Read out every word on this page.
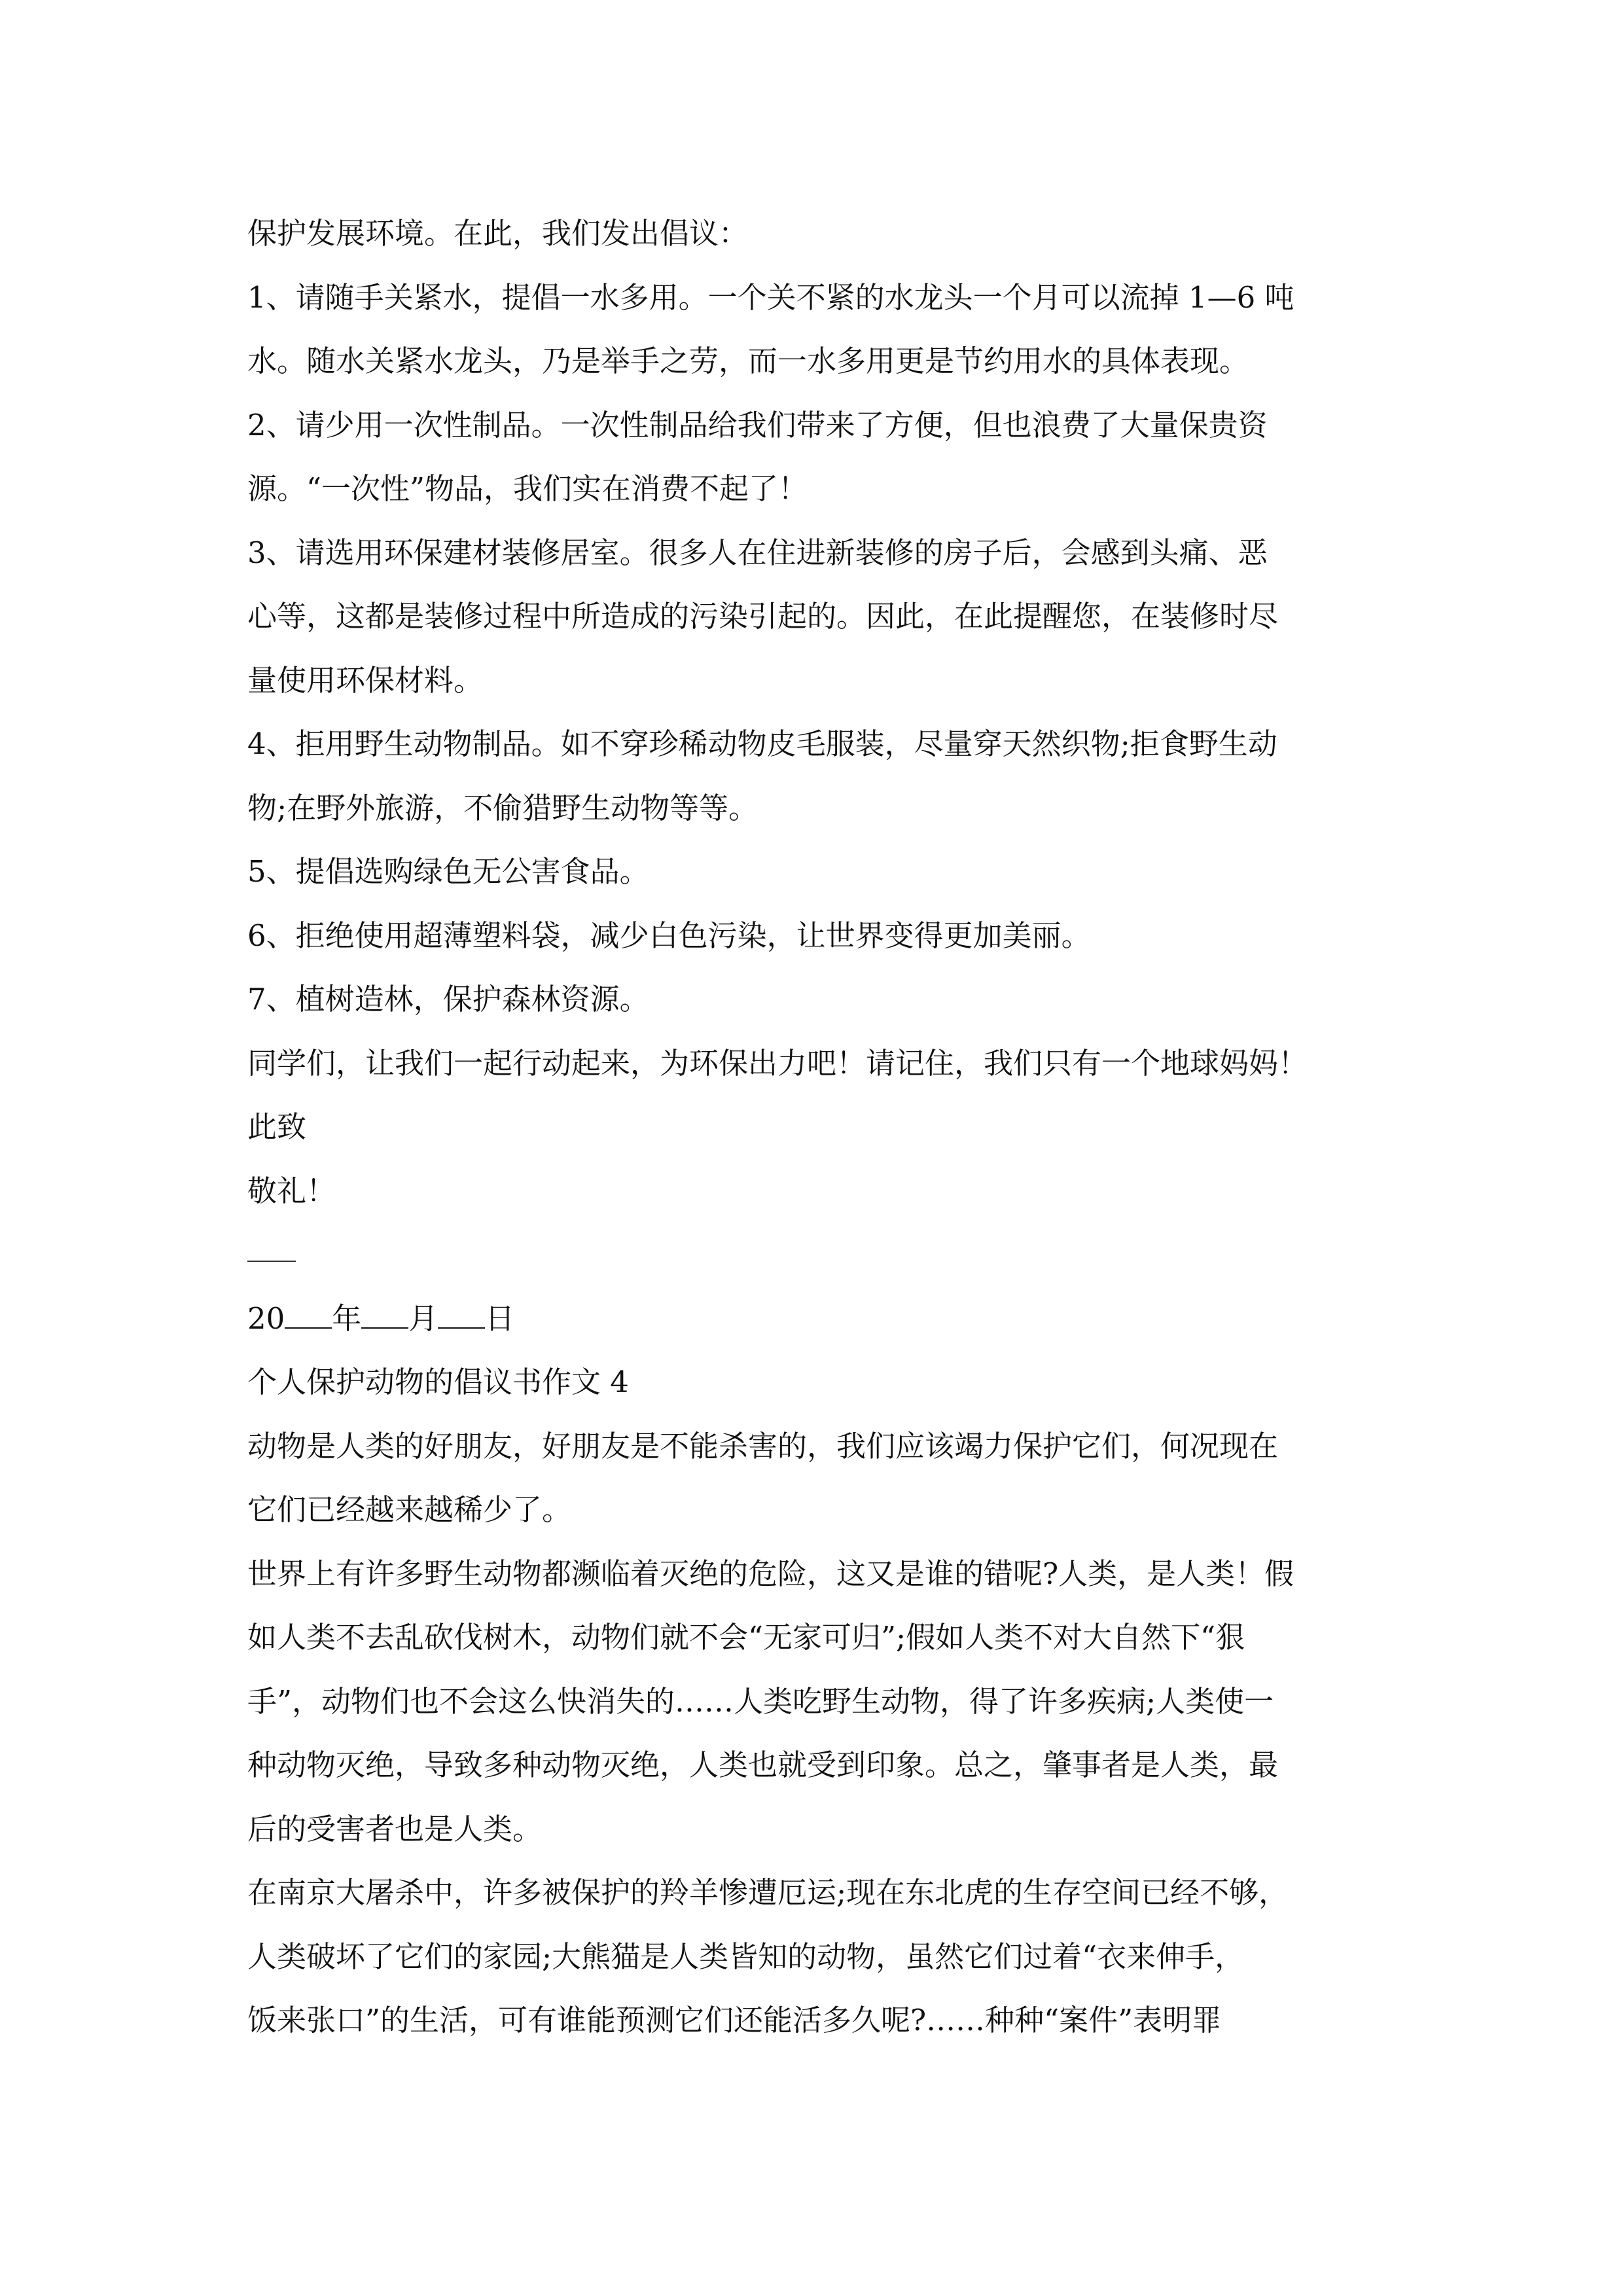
保护发展环境。在此，我们发出倡议：
1、请随手关紧水，提倡一水多用。一个关不紧的水龙头一个月可以流掉 1—6 吨
水。随水关紧水龙头，乃是举手之劳，而一水多用更是节约用水的具体表现。
2、请少用一次性制品。一次性制品给我们带来了方便，但也浪费了大量保贵资
源。“一次性”物品，我们实在消费不起了！
3、请选用环保建材装修居室。很多人在住进新装修的房子后，会感到头痛、恶
心等，这都是装修过程中所造成的污染引起的。因此，在此提醒您，在装修时尽
量使用环保材料。
4、拒用野生动物制品。如不穿珍稀动物皮毛服装，尽量穿天然织物;拒食野生动
物;在野外旅游，不偷猎野生动物等等。
5、提倡选购绿色无公害食品。
6、拒绝使用超薄塑料袋，减少白色污染，让世界变得更加美丽。
7、植树造林，保护森林资源。
同学们，让我们一起行动起来，为环保出力吧！请记住，我们只有一个地球妈妈！
此致
敬礼！
20 年 月 日
个人保护动物的倡议书作文 4
动物是人类的好朋友，好朋友是不能杀害的，我们应该竭力保护它们，何况现在
它们已经越来越稀少了。
世界上有许多野生动物都濒临着灭绝的危险，这又是谁的错呢?人类，是人类！假
如人类不去乱砍伐树木，动物们就不会“无家可归”;假如人类不对大自然下“狠
手”，动物们也不会这么快消失的……人类吃野生动物，得了许多疾病;人类使一
种动物灭绝，导致多种动物灭绝，人类也就受到印象。总之，肇事者是人类，最
后的受害者也是人类。
在南京大屠杀中，许多被保护的羚羊惨遭厄运;现在东北虎的生存空间已经不够，
人类破坏了它们的家园;大熊猫是人类皆知的动物，虽然它们过着“衣来伸手，
饭来张口”的生活，可有谁能预测它们还能活多久呢?……种种“案件”表明罪
